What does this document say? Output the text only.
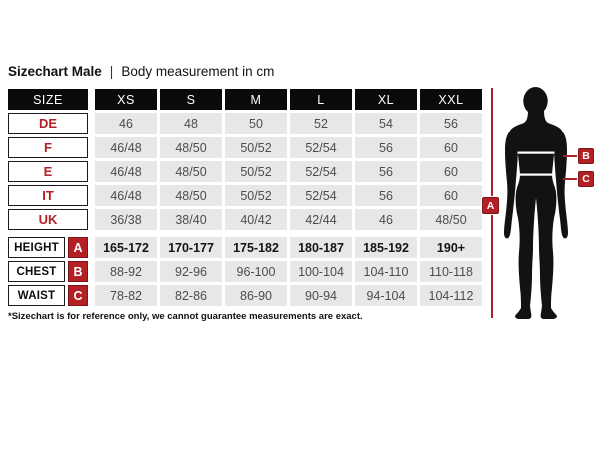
Sizechart Male | Body measurement in cm
SIZE	XS	S	M	L	XL	XXL
DE	46	48	50	52	54	56
F	46/48	48/50	50/52	52/54	56	60
E	46/48	48/50	50/52	52/54	56	60
IT	46/48	48/50	50/52	52/54	56	60
UK	36/38	38/40	40/42	42/44	46	48/50
HEIGHT	A	165-172	170-177	175-182	180-187	185-192	190+
CHEST	B	88-92	92-96	96-100	100-104	104-110	110-118
WAIST	C	78-82	82-86	86-90	90-94	94-104	104-112
*Sizechart is for reference only, we cannot guarantee measurements are exact.
A
B
C
